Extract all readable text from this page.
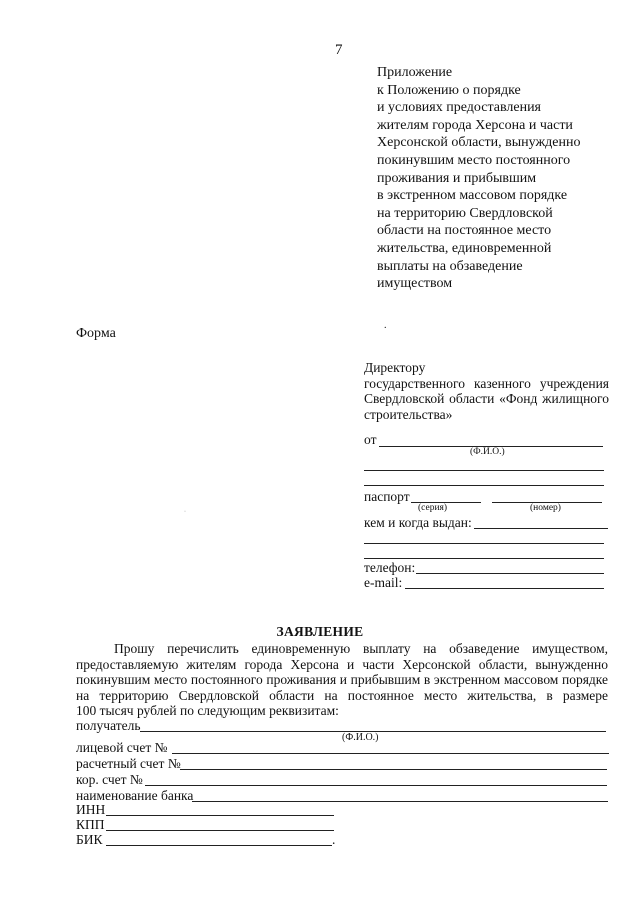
7
Приложение
к Положению о порядке
и условиях предоставления
жителям города Херсона и части
Херсонской области, вынужденно
покинувшим место постоянного
проживания и прибывшим
в экстренном массовом порядке
на территорию Свердловской
области на постоянное место
жительства, единовременной
выплаты на обзаведение
имуществом
Форма
.
Директору
государственного казенного учреждения
Свердловской области «Фонд жилищного
строительства»
от
(Ф.И.О.)
паспорт
(серия)	(номер)
·
кем и когда выдан:
телефон:
e-mail:
ЗАЯВЛЕНИЕ
Прошу перечислить единовременную выплату на обзаведение имуществом,
предоставляемую жителям города Херсона и части Херсонской области, вынужденно
покинувшим место постоянного проживания и прибывшим в экстренном массовом порядке
на территорию Свердловской области на постоянное место жительства, в размере
100 тысяч рублей по следующим реквизитам:
получатель
(Ф.И.О.)
лицевой счет №
расчетный счет №
кор. счет №
наименование банка
ИНН
КПП
БИК	.
